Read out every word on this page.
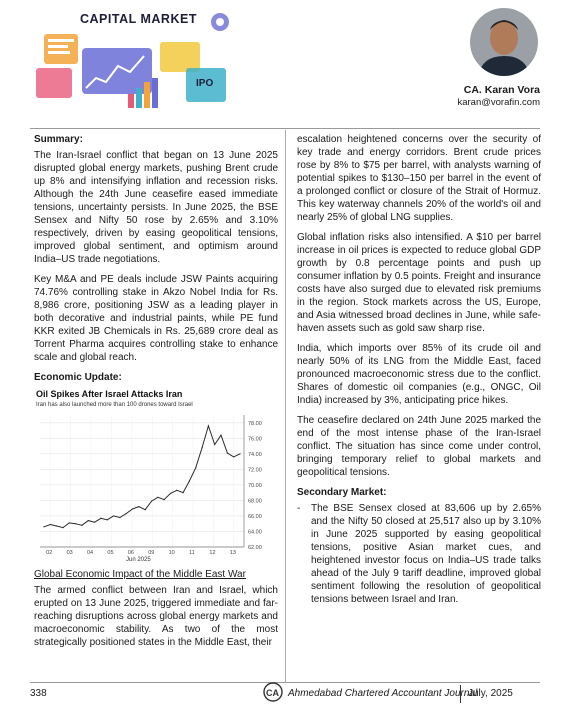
CAPITAL MARKET
IPO
CA. Karan Vora
karan@vorafin.com
Summary:
The Iran-Israel conflict that began on 13 June 2025 disrupted global energy markets, pushing Brent crude up 8% and intensifying inflation and recession risks. Although the 24th June ceasefire eased immediate tensions, uncertainty persists. In June 2025, the BSE Sensex and Nifty 50 rose by 2.65% and 3.10% respectively, driven by easing geopolitical tensions, improved global sentiment, and optimism around India–US trade negotiations.
Key M&A and PE deals include JSW Paints acquiring 74.76% controlling stake in Akzo Nobel India for Rs. 8,986 crore, positioning JSW as a leading player in both decorative and industrial paints, while PE fund KKR exited JB Chemicals in Rs. 25,689 crore deal as Torrent Pharma acquires controlling stake to enhance scale and global reach.
Economic Update:
Oil Spikes After Israel Attacks Iran
Iran has also launched more than 100 drones toward Israel
Jun 2025
62.00
64.00
66.00
68.00
70.00
72.00
74.00
76.00
78.00
02	03	04	05	06	09	10	11	12	13
Global Economic Impact of the Middle East War
The armed conflict between Iran and Israel, which erupted on 13 June 2025, triggered immediate and far-reaching disruptions across global energy markets and macroeconomic stability. As two of the most strategically positioned states in the Middle East, their
escalation heightened concerns over the security of key trade and energy corridors. Brent crude prices rose by 8% to $75 per barrel, with analysts warning of potential spikes to $130–150 per barrel in the event of a prolonged conflict or closure of the Strait of Hormuz. This key waterway channels 20% of the world's oil and nearly 25% of global LNG supplies.
Global inflation risks also intensified. A $10 per barrel increase in oil prices is expected to reduce global GDP growth by 0.8 percentage points and push up consumer inflation by 0.5 points. Freight and insurance costs have also surged due to elevated risk premiums in the region. Stock markets across the US, Europe, and Asia witnessed broad declines in June, while safe-haven assets such as gold saw sharp rise.
India, which imports over 85% of its crude oil and nearly 50% of its LNG from the Middle East, faced pronounced macroeconomic stress due to the conflict. Shares of domestic oil companies (e.g., ONGC, Oil India) increased by 3%, anticipating price hikes.
The ceasefire declared on 24th June 2025 marked the end of the most intense phase of the Iran-Israel conflict. The situation has since come under control, bringing temporary relief to global markets and geopolitical tensions.
Secondary Market:
-	The BSE Sensex closed at 83,606 up by 2.65% and the Nifty 50 closed at 25,517 also up by 3.10% in June 2025 supported by easing geopolitical tensions, positive Asian market cues, and heightened investor focus on India–US trade talks ahead of the July 9 tariff deadline, improved global sentiment following the resolution of geopolitical tensions between Israel and Iran.
338	CA Ahmedabad Chartered Accountant Journal
July, 2025
